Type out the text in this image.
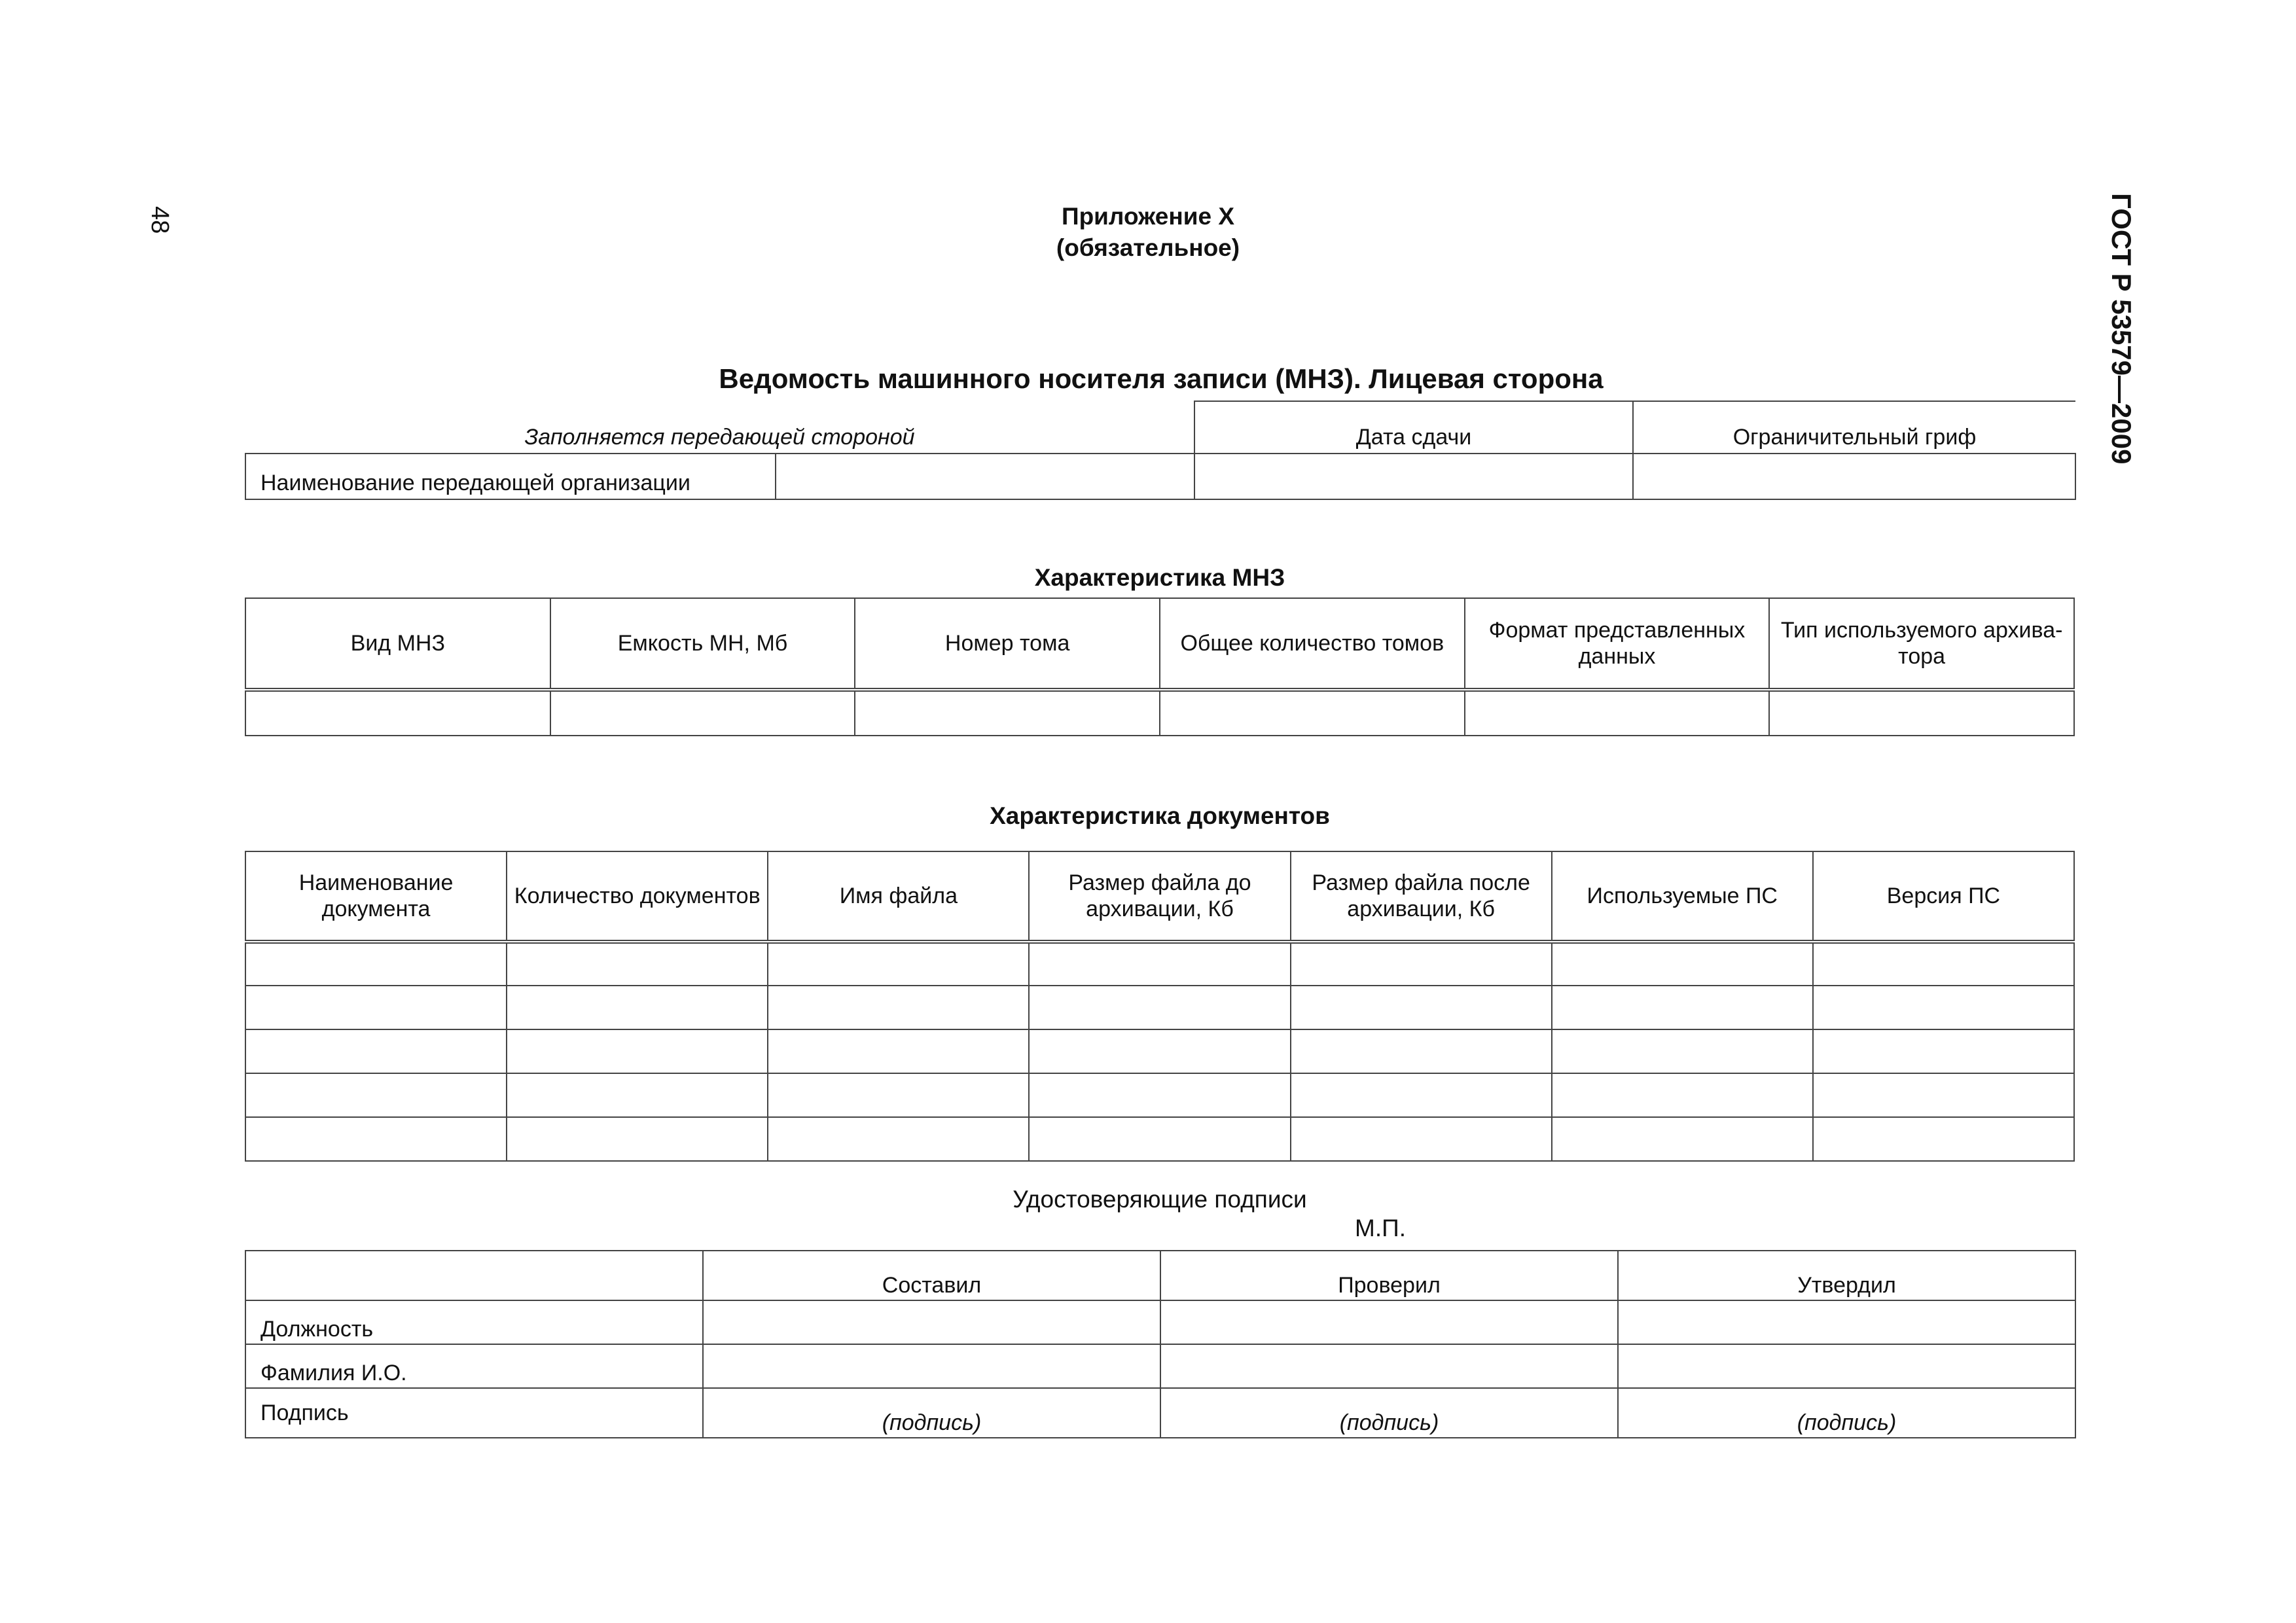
48	ГОСТ Р 53579—2009
Приложение Х
(обязательное)
Ведомость машинного носителя записи (МНЗ). Лицевая сторона
Заполняется передающей стороной		Дата сдачи	Ограничительный гриф
Наименование передающей организации			
Характеристика МНЗ
Вид МНЗ	Емкость МН, Мб	Номер тома	Общее количество томов	Формат представленных данных	Тип используемого архива-тора

Характеристика документов
Наименование документа	Количество документов	Имя файла	Размер файла до архивации, Кб	Размер файла после архивации, Кб	Используемые ПС	Версия ПС

Удостоверяющие подписи
М.П.
	Составил	Проверил	Утвердил
Должность			
Фамилия И.О.			
Подпись	(подпись)	(подпись)	(подпись)
